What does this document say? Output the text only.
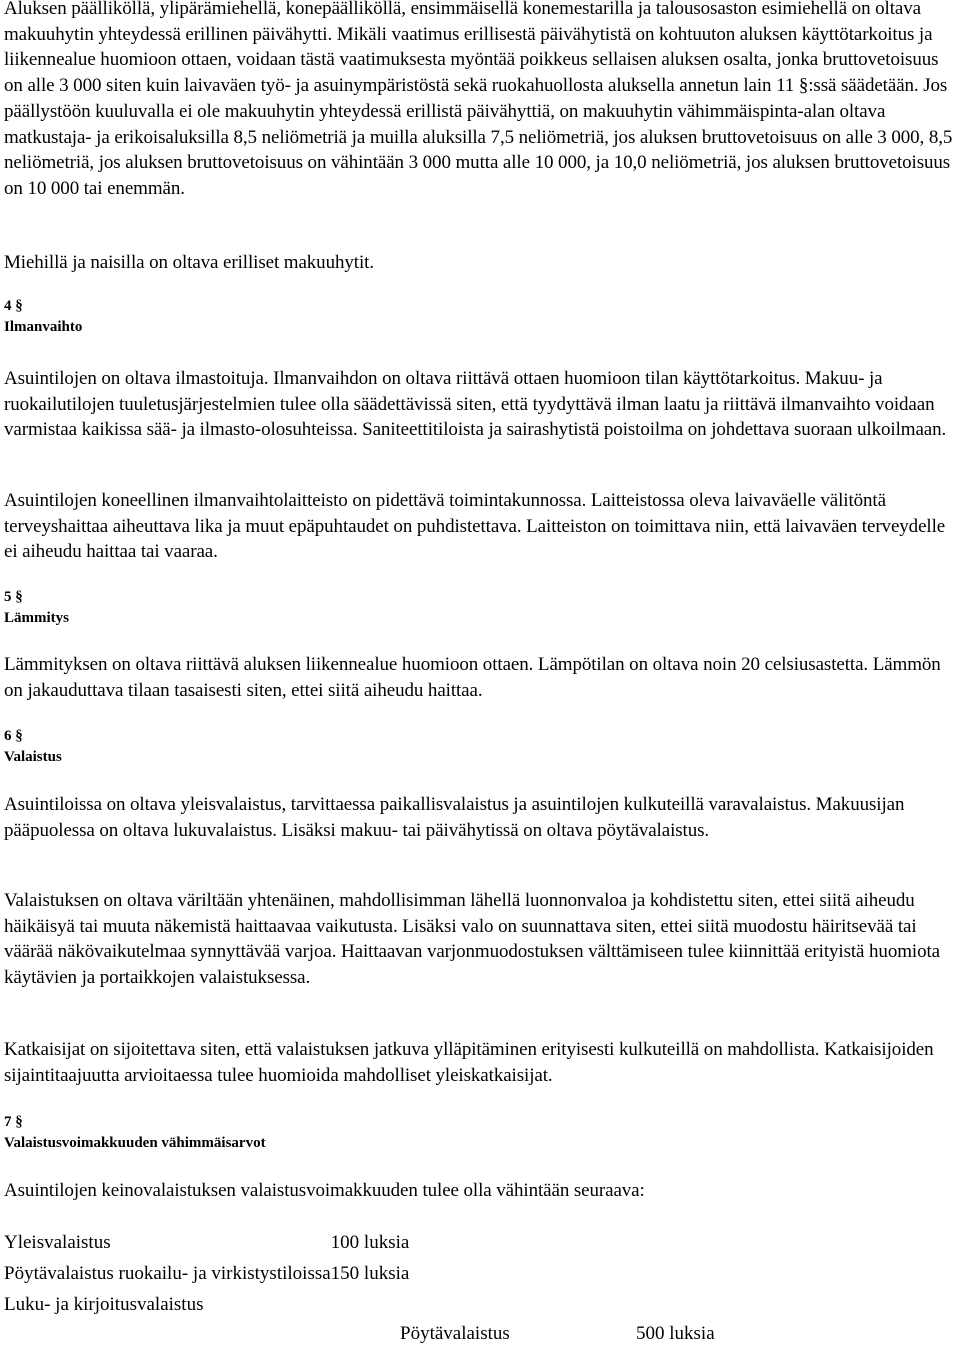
Aluksen päälliköllä, ylipärämiehellä, konepäälliköllä, ensimmäisellä konemestarilla ja talousosaston esimiehellä on oltava makuuhytin yhteydessä erillinen päivähytti. Mikäli vaatimus erillisestä päivähytistä on kohtuuton aluksen käyttötarkoitus ja liikennealue huomioon ottaen, voidaan tästä vaatimuksesta myöntää poikkeus sellaisen aluksen osalta, jonka bruttovetoisuus on alle 3 000 siten kuin laivaväen työ- ja asuinympäristöstä sekä ruokahuollosta aluksella annetun lain 11 §:ssä säädetään. Jos päällystöön kuuluvalla ei ole makuuhytin yhteydessä erillistä päivähyttiä, on makuuhytin vähimmäispinta-alan oltava matkustaja- ja erikoisaluksilla 8,5 neliömetriä ja muilla aluksilla 7,5 neliömetriä, jos aluksen bruttovetoisuus on alle 3 000, 8,5 neliömetriä, jos aluksen bruttovetoisuus on vähintään 3 000 mutta alle 10 000, ja 10,0 neliömetriä, jos aluksen bruttovetoisuus on 10 000 tai enemmän.

Miehillä ja naisilla on oltava erilliset makuuhytit.

4 §

Ilmanvaihto

Asuintilojen on oltava ilmastoituja. Ilmanvaihdon on oltava riittävä ottaen huomioon tilan käyttötarkoitus. Makuu- ja ruokailutilojen tuuletusjärjestelmien tulee olla säädettävissä siten, että tyydyttävä ilman laatu ja riittävä ilmanvaihto voidaan varmistaa kaikissa sää- ja ilmasto-olosuhteissa. Saniteettitiloista ja sairashytistä poistoilma on johdettava suoraan ulkoilmaan.

Asuintilojen koneellinen ilmanvaihtolaitteisto on pidettävä toimintakunnossa. Laitteistossa oleva laivaväelle välitöntä terveyshaittaa aiheuttava lika ja muut epäpuhtaudet on puhdistettava. Laitteiston on toimittava niin, että laivaväen terveydelle ei aiheudu haittaa tai vaaraa.

5 §

Lämmitys

Lämmityksen on oltava riittävä aluksen liikennealue huomioon ottaen. Lämpötilan on oltava noin 20 celsiusastetta. Lämmön on jakauduttava tilaan tasaisesti siten, ettei siitä aiheudu haittaa.

6 §

Valaistus

Asuintiloissa on oltava yleisvalaistus, tarvittaessa paikallisvalaistus ja asuintilojen kulkuteillä varavalaistus. Makuusijan pääpuolessa on oltava lukuvalaistus. Lisäksi makuu- tai päivähytissä on oltava pöytävalaistus.

Valaistuksen on oltava väriltään yhtenäinen, mahdollisimman lähellä luonnonvaloa ja kohdistettu siten, ettei siitä aiheudu häikäisyä tai muuta näkemistä haittaavaa vaikutusta. Lisäksi valo on suunnattava siten, ettei siitä muodostu häiritsevää tai väärää näkövaikutelmaa synnyttävää varjoa. Haittaavan varjonmuodostuksen välttämiseen tulee kiinnittää erityistä huomiota käytävien ja portaikkojen valaistuksessa.

Katkaisijat on sijoitettava siten, että valaistuksen jatkuva ylläpitäminen erityisesti kulkuteillä on mahdollista. Katkaisijoiden sijaintitaajuutta arvioitaessa tulee huomioida mahdolliset yleiskatkaisijat.

7 §

Valaistusvoimakkuuden vähimmäisarvot

Asuintilojen keinovalaistuksen valaistusvoimakkuuden tulee olla vähintään seuraava:

Yleisvalaistus	100 luksia
Pöytävalaistus ruokailu- ja virkistystiloissa	150 luksia
Luku- ja kirjoitusvalaistus	
Pöytävalaistus	500 luksia
